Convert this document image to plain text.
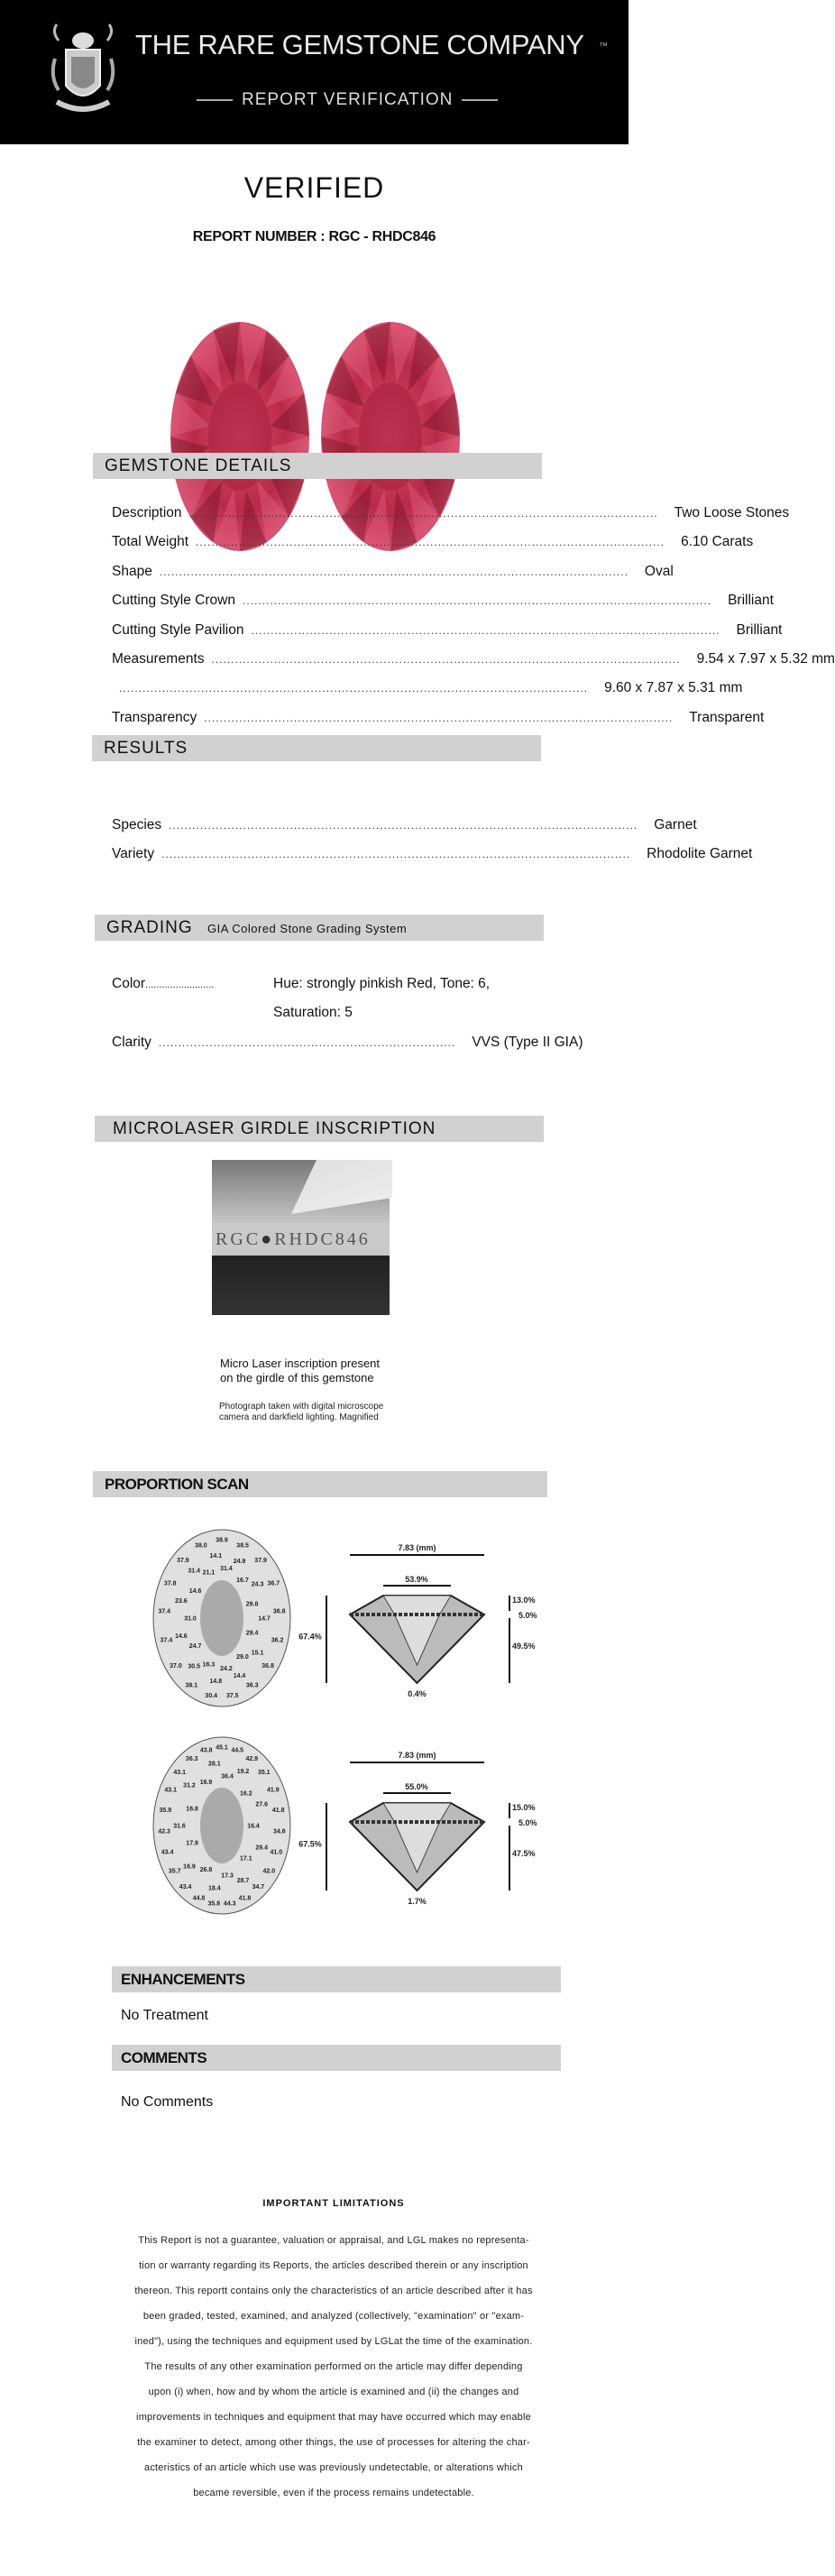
THE RARE GEMSTONE COMPANY ™
REPORT VERIFICATION
VERIFIED
REPORT NUMBER : RGC - RHDC846
GEMSTONE DETAILS
Description ........................................................................................................................ Two Loose Stones
Total Weight ........................................................................................................................ 6.10 Carats
Shape ........................................................................................................................ Oval
Cutting Style Crown ........................................................................................................................ Brilliant
Cutting Style Pavilion ........................................................................................................................ Brilliant
Measurements ........................................................................................................................ 9.54 x 7.97 x 5.32 mm
........................................................................................................................ 9.60 x 7.87 x 5.31 mm
Transparency ........................................................................................................................ Transparent
RESULTS
Species ........................................................................................................................ Garnet
Variety ........................................................................................................................ Rhodolite Garnet
GRADING GIA Colored Stone Grading System
Color.........................	Hue: strongly pinkish Red, Tone: 6,
Saturation: 5
Clarity ............................................................................ VVS (Type II GIA)
MICROLASER GIRDLE INSCRIPTION
RGC●RHDC846
Micro Laser inscription present
on the girdle of this gemstone
Photograph taken with digital microscope
camera and darkfield lighting. Magnified
PROPORTION SCAN
38.9
38.5
37.9
36.7
36.8
36.2
36.8
36.3
37.5
30.4
38.1
37.0
37.4
37.4
37.8
37.9
38.0
31.4
24.9
16.7
24.3
29.8
14.7
29.4
15.1
29.0
14.4
24.2
14.8
16.3
30.5
24.7
14.6
31.0
23.6
14.6
31.4 21.1
14.1
7.83 (mm)
53.9%
67.4%
13.0%
5.0%
49.5%
0.4%
45.1 44.5
42.9
35.1
41.9
41.8
34.6
41.0
42.0
34.7
41.8
44.3
35.8
44.8
43.4
35.7
43.4
42.3
35.9
43.1
43.1
36.3
43.8
36.4
19.2
16.2
27.6
16.4
29.4
17.1
28.7
17.3
18.4
26.8
16.9
17.9
31.6
16.8
31.2
16.9
28.1
7.83 (mm)
55.0%
67.5%
15.0%
5.0%
47.5%
1.7%
ENHANCEMENTS
No Treatment
COMMENTS
No Comments
IMPORTANT LIMITATIONS
This Report is not a guarantee, valuation or appraisal, and LGL makes no representa-
tion or warranty regarding its Reports, the articles described therein or any inscription
thereon. This reportt contains only the characteristics of an article described after it has
been graded, tested, examined, and analyzed (collectively, "examination" or "exam-
ined"), using the techniques and equipment used by LGLat the time of the examination.
The results of any other examination performed on the article may differ depending
upon (i) when, how and by whom the article is examined and (ii) the changes and
improvements in techniques and equipment that may have occurred which may enable
the examiner to detect, among other things, the use of processes for altering the char-
acteristics of an article which use was previously undetectable, or alterations which
became reversible, even if the process remains undetectable.
